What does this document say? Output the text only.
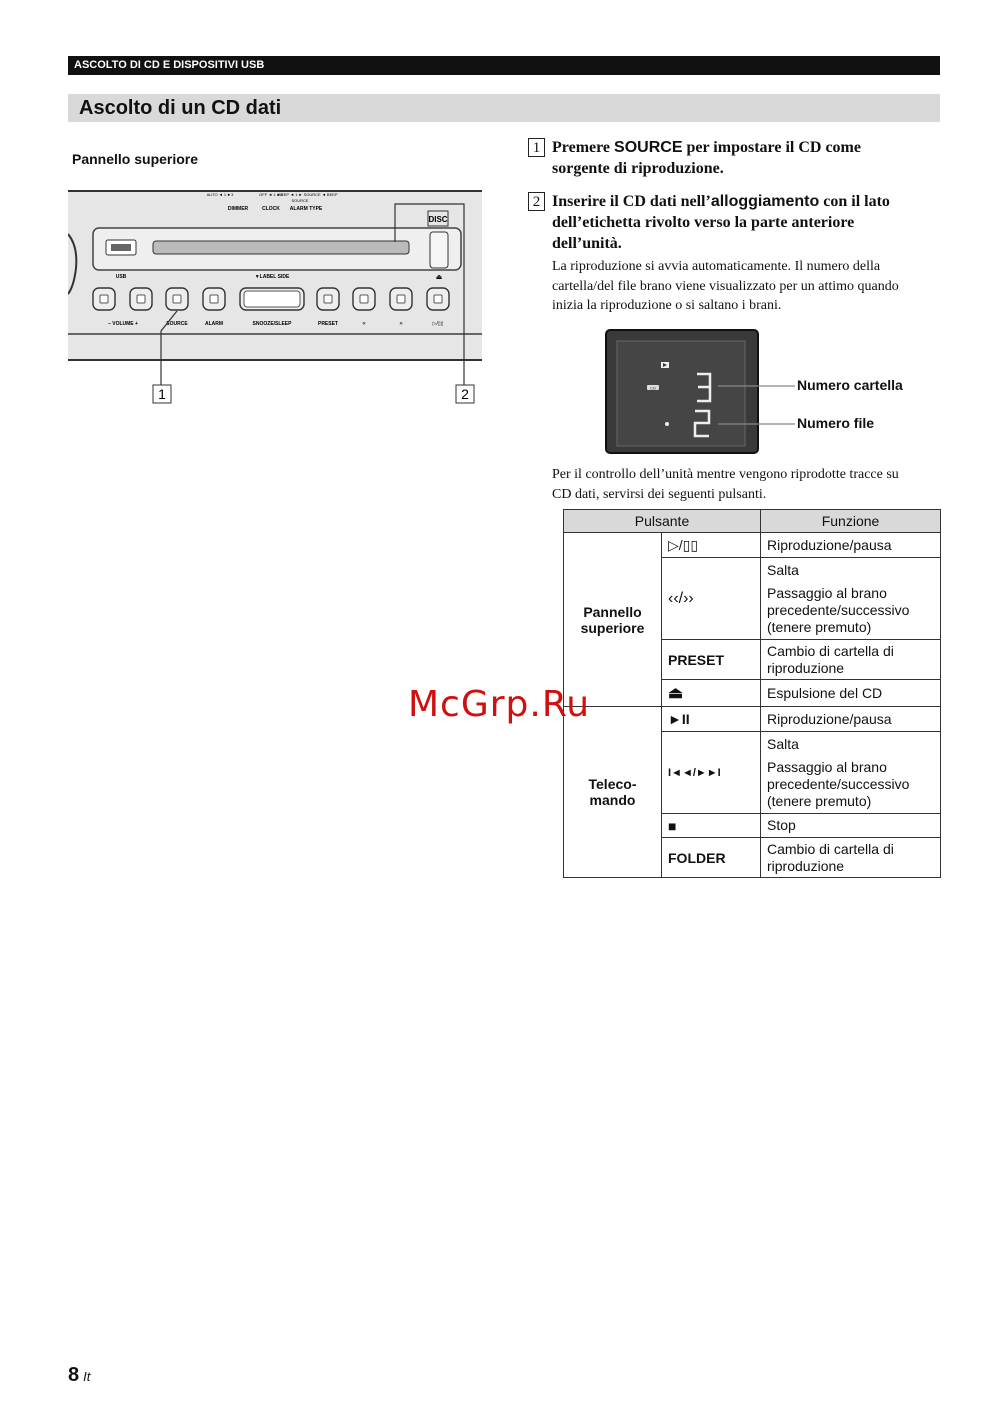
ASCOLTO DI CD E DISPOSITIVI USB
Ascolto di un CD dati
Pannello superiore
DISC
AUTO ◄ 1 ►3
DIMMER
OFF ◄ 1 ►3
CLOCK
BEEP ◄ 1 ► SOURCE ◄ BEEP
SOURCE
ALARM TYPE
USB	▼LABEL SIDE	⏏
– VOLUME +	SOURCE	ALARM	SNOOZE/SLEEP	PRESET	«	»	▷/▯▯
1	2
1 Premere SOURCE per impostare il CD come
sorgente di riproduzione.
2 Inserire il CD dati nell’alloggiamento con il lato
dell’etichetta rivolto verso la parte anteriore
dell’unità.
La riproduzione si avvia automaticamente. Il numero della
cartella/del file brano viene visualizzato per un attimo quando
inizia la riproduzione o si saltano i brani.
CD	Numero cartella
Numero file
Per il controllo dell’unità mentre vengono riprodotte tracce su
CD dati, servirsi dei seguenti pulsanti.
Pulsante		Funzione

Pannello
superiore	▷/▯▯	Riproduzione/pausa

	‹‹/››	Salta

Passaggio al brano precedente/successivo (tenere premuto)

	PRESET	Cambio di cartella di riproduzione

	⏏	Espulsione del CD

Teleco-
mando	►II	Riproduzione/pausa

	I◄◄/►►I	Salta

Passaggio al brano precedente/successivo (tenere premuto)

	■	Stop

	FOLDER	Cambio di cartella di riproduzione

McGrp.Ru
8 It
